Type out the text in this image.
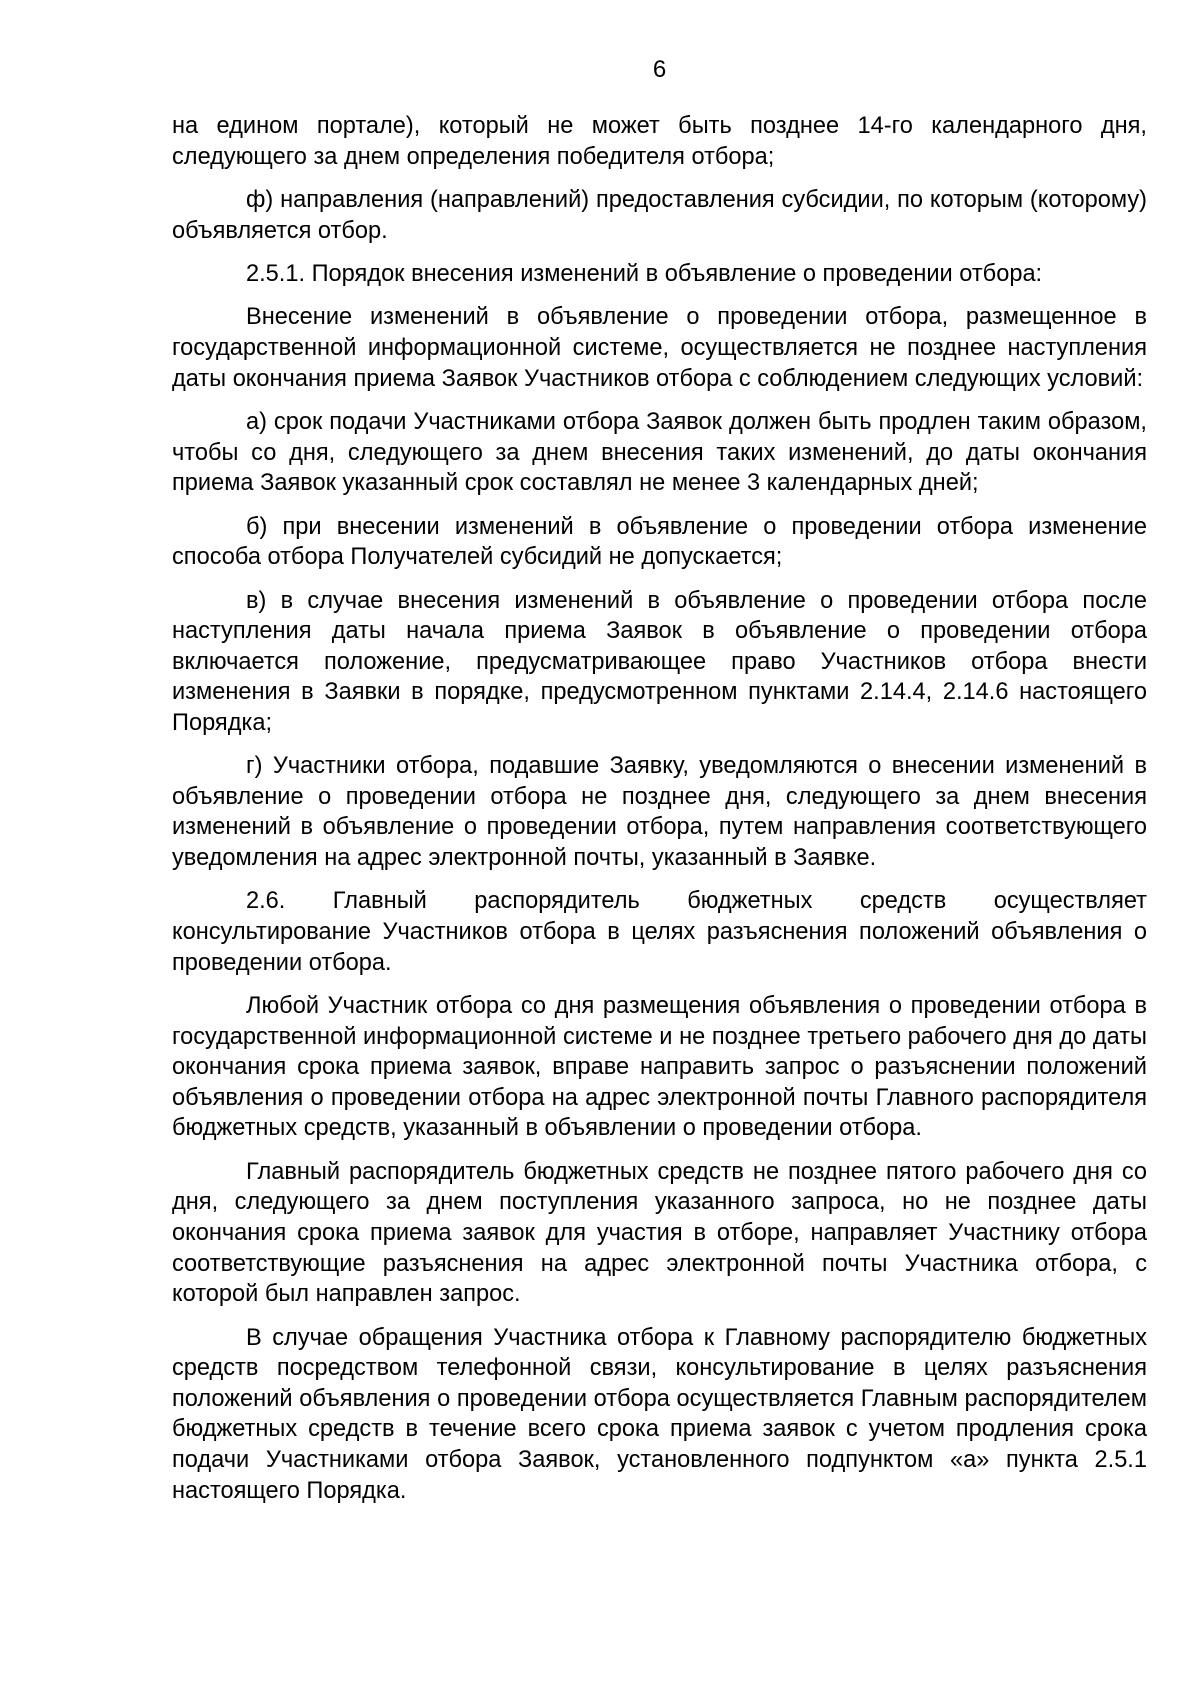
6

на едином портале), который не может быть позднее 14-го календарного дня, следующего за днем определения победителя отбора;

ф) направления (направлений) предоставления субсидии, по которым (которому) объявляется отбор.

2.5.1. Порядок внесения изменений в объявление о проведении отбора:

Внесение изменений в объявление о проведении отбора, размещенное в государственной информационной системе, осуществляется не позднее наступления даты окончания приема Заявок Участников отбора с соблюдением следующих условий:

а) срок подачи Участниками отбора Заявок должен быть продлен таким образом, чтобы со дня, следующего за днем внесения таких изменений, до даты окончания приема Заявок указанный срок составлял не менее 3 календарных дней;

б) при внесении изменений в объявление о проведении отбора изменение способа отбора Получателей субсидий не допускается;

в) в случае внесения изменений в объявление о проведении отбора после наступления даты начала приема Заявок в объявление о проведении отбора включается положение, предусматривающее право Участников отбора внести изменения в Заявки в порядке, предусмотренном пунктами 2.14.4, 2.14.6 настоящего Порядка;

г) Участники отбора, подавшие Заявку, уведомляются о внесении изменений в объявление о проведении отбора не позднее дня, следующего за днем внесения изменений в объявление о проведении отбора, путем направления соответствующего уведомления на адрес электронной почты, указанный в Заявке.

2.6. Главный распорядитель бюджетных средств осуществляет консультирование Участников отбора в целях разъяснения положений объявления о проведении отбора.

Любой Участник отбора со дня размещения объявления о проведении отбора в государственной информационной системе и не позднее третьего рабочего дня до даты окончания срока приема заявок, вправе направить запрос о разъяснении положений объявления о проведении отбора на адрес электронной почты Главного распорядителя бюджетных средств, указанный в объявлении о проведении отбора.

Главный распорядитель бюджетных средств не позднее пятого рабочего дня со дня, следующего за днем поступления указанного запроса, но не позднее даты окончания срока приема заявок для участия в отборе, направляет Участнику отбора соответствующие разъяснения на адрес электронной почты Участника отбора, с которой был направлен запрос.

В случае обращения Участника отбора к Главному распорядителю бюджетных средств посредством телефонной связи, консультирование в целях разъяснения положений объявления о проведении отбора осуществляется Главным распорядителем бюджетных средств в течение всего срока приема заявок с учетом продления срока подачи Участниками отбора Заявок, установленного подпунктом «а» пункта 2.5.1 настоящего Порядка.
